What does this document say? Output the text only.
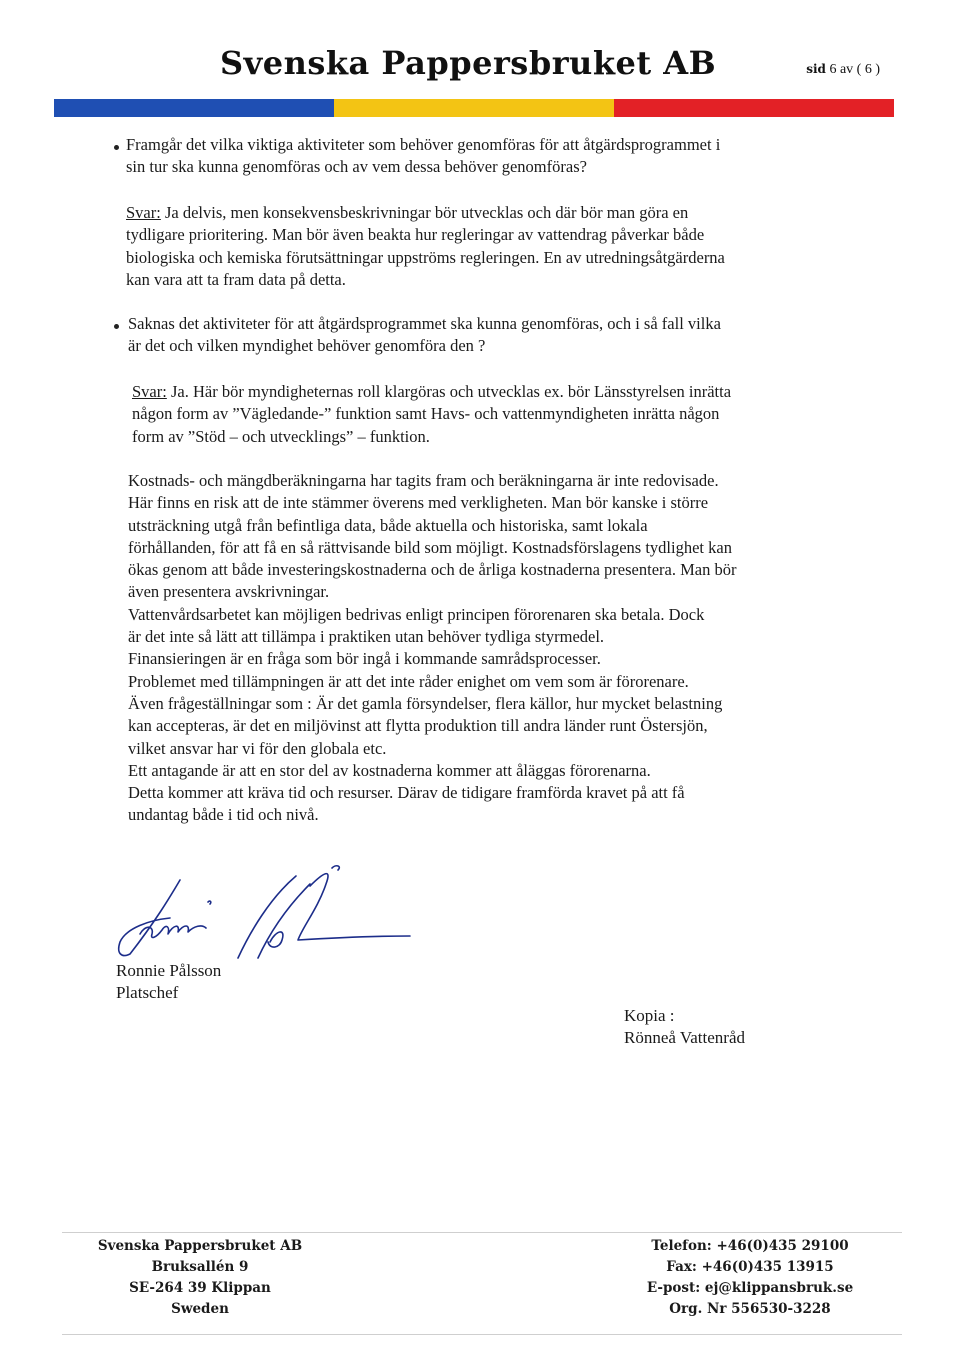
Svenska Pappersbruket AB	sid 6 av ( 6 )
Framgår det vilka viktiga aktiviteter som behöver genomföras för att åtgärdsprogrammet i
sin tur ska kunna genomföras och av vem dessa behöver genomföras?
Svar: Ja delvis, men konsekvensbeskrivningar bör utvecklas och där bör man göra en
tydligare prioritering. Man bör även beakta hur regleringar av vattendrag påverkar både
biologiska och kemiska förutsättningar uppströms regleringen. En av utredningsåtgärderna
kan vara att ta fram data på detta.
Saknas det aktiviteter för att åtgärdsprogrammet ska kunna genomföras, och i så fall vilka
är det och vilken myndighet behöver genomföra den ?
Svar: Ja. Här bör myndigheternas roll klargöras och utvecklas ex. bör Länsstyrelsen inrätta
någon form av ”Vägledande-” funktion samt Havs- och vattenmyndigheten inrätta någon
form av ”Stöd – och utvecklings” – funktion.
Kostnads- och mängdberäkningarna har tagits fram och beräkningarna är inte redovisade.
Här finns en risk att de inte stämmer överens med verkligheten. Man bör kanske i större
utsträckning utgå från befintliga data, både aktuella och historiska, samt lokala
förhållanden, för att få en så rättvisande bild som möjligt. Kostnadsförslagens tydlighet kan
ökas genom att både investeringskostnaderna och de årliga kostnaderna presentera. Man bör
även presentera avskrivningar.
Vattenvårdsarbetet kan möjligen bedrivas enligt principen förorenaren ska betala. Dock
är det inte så lätt att tillämpa i praktiken utan behöver tydliga styrmedel.
Finansieringen är en fråga som bör ingå i kommande samrådsprocesser.
Problemet med tillämpningen är att det inte råder enighet om vem som är förorenare.
Även frågeställningar som : Är det gamla försyndelser, flera källor, hur mycket belastning
kan accepteras, är det en miljövinst att flytta produktion till andra länder runt Östersjön,
vilket ansvar har vi för den globala etc.
Ett antagande är att en stor del av kostnaderna kommer att åläggas förorenarna.
Detta kommer att kräva tid och resurser. Därav de tidigare framförda kravet på att få
undantag både i tid och nivå.
Ronnie Pålsson
Platschef
Kopia :
Rönneå Vattenråd
Svenska Pappersbruket AB
Bruksallén 9
SE-264 39 Klippan
Sweden
Telefon: +46(0)435 29100
Fax: +46(0)435 13915
E-post: ej@klippansbruk.se
Org. Nr 556530-3228
